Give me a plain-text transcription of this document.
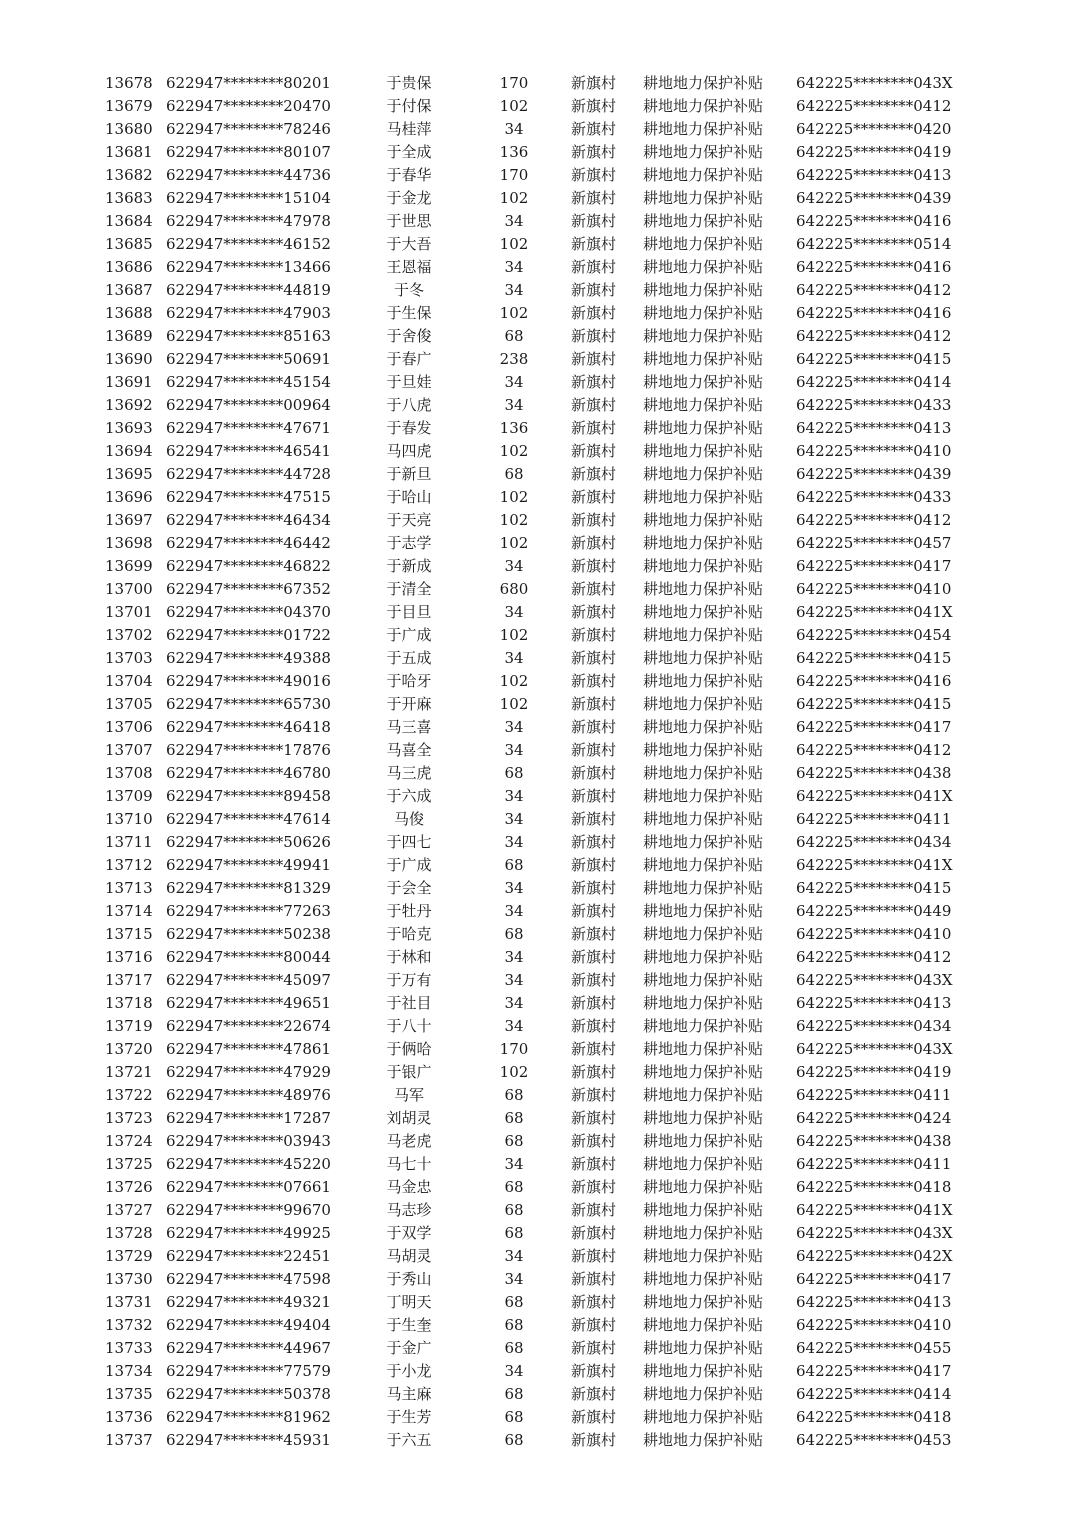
13678 622947********80201	于贵保	170	新旗村 耕地地力保护补贴 642225********043X
13679 622947********20470	于付保	102	新旗村 耕地地力保护补贴 642225********0412
13680 622947********78246	马桂萍	34	新旗村 耕地地力保护补贴 642225********0420
13681 622947********80107	于全成	136	新旗村 耕地地力保护补贴 642225********0419
13682 622947********44736	于春华	170	新旗村 耕地地力保护补贴 642225********0413
13683 622947********15104	于金龙	102	新旗村 耕地地力保护补贴 642225********0439
13684 622947********47978	于世思	34	新旗村 耕地地力保护补贴 642225********0416
13685 622947********46152	于大吾	102	新旗村 耕地地力保护补贴 642225********0514
13686 622947********13466	王恩福	34	新旗村 耕地地力保护补贴 642225********0416
13687 622947********44819	于冬	34	新旗村 耕地地力保护补贴 642225********0412
13688 622947********47903	于生保	102	新旗村 耕地地力保护补贴 642225********0416
13689 622947********85163	于舍俊	68	新旗村 耕地地力保护补贴 642225********0412
13690 622947********50691	于春广	238	新旗村 耕地地力保护补贴 642225********0415
13691 622947********45154	于旦娃	34	新旗村 耕地地力保护补贴 642225********0414
13692 622947********00964	于八虎	34	新旗村 耕地地力保护补贴 642225********0433
13693 622947********47671	于春发	136	新旗村 耕地地力保护补贴 642225********0413
13694 622947********46541	马四虎	102	新旗村 耕地地力保护补贴 642225********0410
13695 622947********44728	于新旦	68	新旗村 耕地地力保护补贴 642225********0439
13696 622947********47515	于哈山	102	新旗村 耕地地力保护补贴 642225********0433
13697 622947********46434	于天亮	102	新旗村 耕地地力保护补贴 642225********0412
13698 622947********46442	于志学	102	新旗村 耕地地力保护补贴 642225********0457
13699 622947********46822	于新成	34	新旗村 耕地地力保护补贴 642225********0417
13700 622947********67352	于清全	680	新旗村 耕地地力保护补贴 642225********0410
13701 622947********04370	于目旦	34	新旗村 耕地地力保护补贴 642225********041X
13702 622947********01722	于广成	102	新旗村 耕地地力保护补贴 642225********0454
13703 622947********49388	于五成	34	新旗村 耕地地力保护补贴 642225********0415
13704 622947********49016	于哈牙	102	新旗村 耕地地力保护补贴 642225********0416
13705 622947********65730	于开麻	102	新旗村 耕地地力保护补贴 642225********0415
13706 622947********46418	马三喜	34	新旗村 耕地地力保护补贴 642225********0417
13707 622947********17876	马喜全	34	新旗村 耕地地力保护补贴 642225********0412
13708 622947********46780	马三虎	68	新旗村 耕地地力保护补贴 642225********0438
13709 622947********89458	于六成	34	新旗村 耕地地力保护补贴 642225********041X
13710 622947********47614	马俊	34	新旗村 耕地地力保护补贴 642225********0411
13711 622947********50626	于四七	34	新旗村 耕地地力保护补贴 642225********0434
13712 622947********49941	于广成	68	新旗村 耕地地力保护补贴 642225********041X
13713 622947********81329	于会全	34	新旗村 耕地地力保护补贴 642225********0415
13714 622947********77263	于牡丹	34	新旗村 耕地地力保护补贴 642225********0449
13715 622947********50238	于哈克	68	新旗村 耕地地力保护补贴 642225********0410
13716 622947********80044	于林和	34	新旗村 耕地地力保护补贴 642225********0412
13717 622947********45097	于万有	34	新旗村 耕地地力保护补贴 642225********043X
13718 622947********49651	于社目	34	新旗村 耕地地力保护补贴 642225********0413
13719 622947********22674	于八十	34	新旗村 耕地地力保护补贴 642225********0434
13720 622947********47861	于俩哈	170	新旗村 耕地地力保护补贴 642225********043X
13721 622947********47929	于银广	102	新旗村 耕地地力保护补贴 642225********0419
13722 622947********48976	马军	68	新旗村 耕地地力保护补贴 642225********0411
13723 622947********17287	刘胡灵	68	新旗村 耕地地力保护补贴 642225********0424
13724 622947********03943	马老虎	68	新旗村 耕地地力保护补贴 642225********0438
13725 622947********45220	马七十	34	新旗村 耕地地力保护补贴 642225********0411
13726 622947********07661	马金忠	68	新旗村 耕地地力保护补贴 642225********0418
13727 622947********99670	马志珍	68	新旗村 耕地地力保护补贴 642225********041X
13728 622947********49925	于双学	68	新旗村 耕地地力保护补贴 642225********043X
13729 622947********22451	马胡灵	34	新旗村 耕地地力保护补贴 642225********042X
13730 622947********47598	于秀山	34	新旗村 耕地地力保护补贴 642225********0417
13731 622947********49321	丁明天	68	新旗村 耕地地力保护补贴 642225********0413
13732 622947********49404	于生奎	68	新旗村 耕地地力保护补贴 642225********0410
13733 622947********44967	于金广	68	新旗村 耕地地力保护补贴 642225********0455
13734 622947********77579	于小龙	34	新旗村 耕地地力保护补贴 642225********0417
13735 622947********50378	马主麻	68	新旗村 耕地地力保护补贴 642225********0414
13736 622947********81962	于生芳	68	新旗村 耕地地力保护补贴 642225********0418
13737 622947********45931	于六五	68	新旗村 耕地地力保护补贴 642225********0453
